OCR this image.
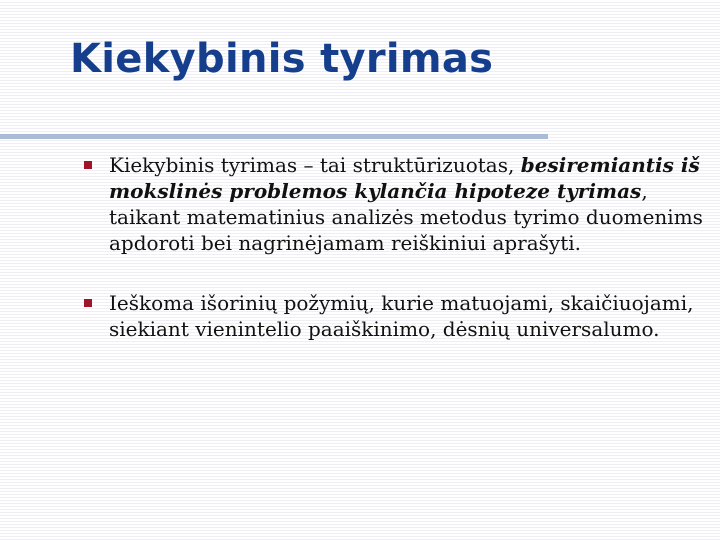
Kiekybinis tyrimas
Kiekybinis tyrimas – tai struktūrizuotas, besiremiantis iš mokslinės problemos kylančia hipoteze tyrimas, taikant matematinius analizės metodus tyrimo duomenims apdoroti bei nagrinėjamam reiškiniui aprašyti.
Ieškoma išorinių požymių, kurie matuojami, skaičiuojami, siekiant vienintelio paaiškinimo, dėsnių universalumo.
